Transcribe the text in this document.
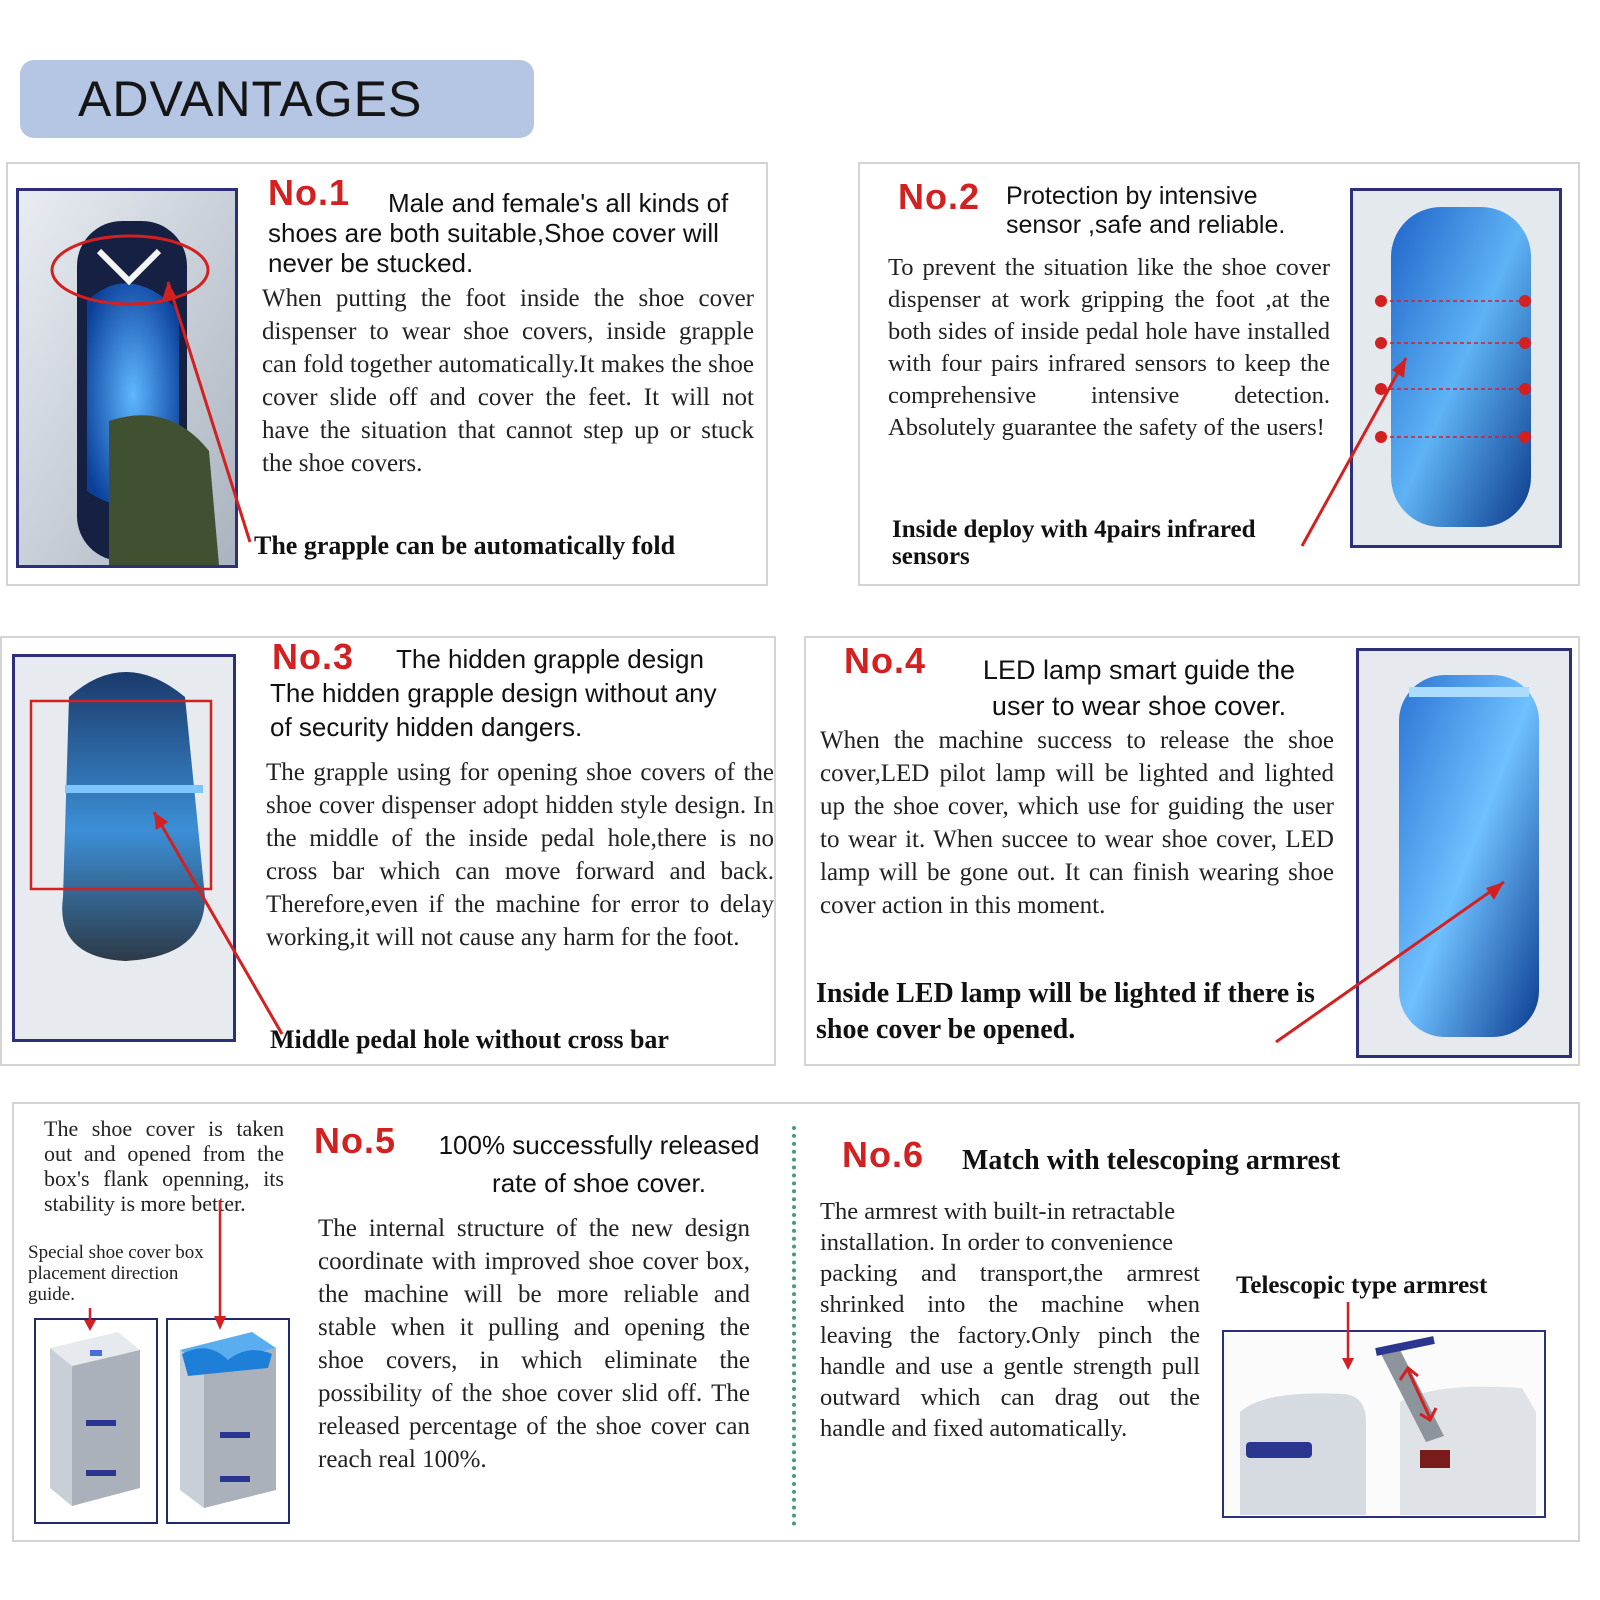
ADVANTAGES
No.1	Male and female's all kinds of shoes are both suitable,Shoe cover will never be stucked.
When putting the foot inside the shoe cover dispenser to wear shoe covers, inside grapple can fold together automatically.It makes the shoe cover slide off and cover the feet. It will not have the situation that cannot step up or stuck the shoe covers.
The grapple can be automatically fold
No.2 Protection by intensive sensor ,safe and reliable.
To prevent the situation like the shoe cover dispenser at work gripping the foot ,at the both sides of inside pedal hole have installed with four pairs infrared sensors to keep the comprehensive intensive detection. Absolutely guarantee the safety of the users!
Inside deploy with 4pairs infrared sensors
No.3 The hidden grapple design
The hidden grapple design without any of security hidden dangers.
The grapple using for opening shoe covers of the shoe cover dispenser adopt hidden style design. In the middle of the inside pedal hole,there is no cross bar which can move forward and back. Therefore,even if the machine for error to delay working,it will not cause any harm for the foot.
Middle pedal hole without cross bar
No.4	LED lamp smart guide the user to wear shoe cover.
When the machine success to release the shoe cover,LED pilot lamp will be lighted and lighted up the shoe cover, which use for guiding the user to wear it. When succee to wear shoe cover, LED lamp will be gone out. It can finish wearing shoe cover action in this moment.
Inside LED lamp will be lighted if there is shoe cover be opened.
The shoe cover is taken out and opened from the box's flank openning, its stability is more better.
Special shoe cover box placement direction guide.
No.5	100% successfully released rate of shoe cover.
The internal structure of the new design coordinate with improved shoe cover box, the machine will be more reliable and stable when it pulling and opening the shoe covers, in which eliminate the possibility of the shoe cover slid off. The released percentage of the shoe cover can reach real 100%.
No.6 Match with telescoping armrest
The armrest with built-in retractable installation. In order to convenience
packing and transport,the armrest shrinked into the machine when leaving the factory.Only pinch the handle and use a gentle strength pull outward which can drag out the handle and fixed automatically.
Telescopic type armrest
